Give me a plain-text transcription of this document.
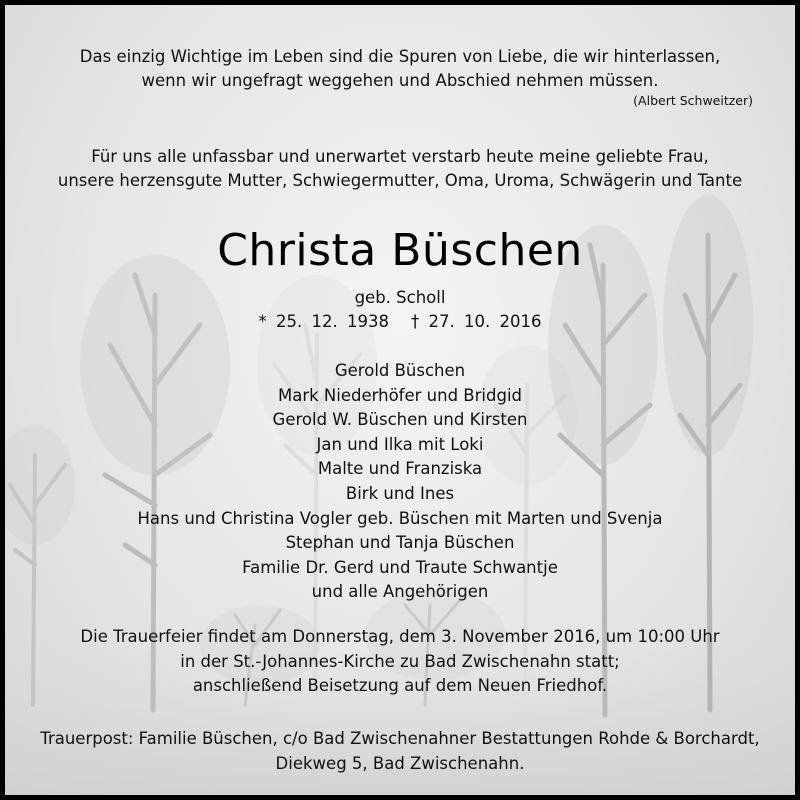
Das einzig Wichtige im Leben sind die Spuren von Liebe, die wir hinterlassen,
wenn wir ungefragt weggehen und Abschied nehmen müssen.
(Albert Schweitzer)
Für uns alle unfassbar und unerwartet verstarb heute meine geliebte Frau,
unsere herzensgute Mutter, Schwiegermutter, Oma, Uroma, Schwägerin und Tante
Christa Büschen
geb. Scholl
* 25. 12. 1938 † 27. 10. 2016
Gerold Büschen
Mark Niederhöfer und Bridgid
Gerold W. Büschen und Kirsten
Jan und Ilka mit Loki
Malte und Franziska
Birk und Ines
Hans und Christina Vogler geb. Büschen mit Marten und Svenja
Stephan und Tanja Büschen
Familie Dr. Gerd und Traute Schwantje
und alle Angehörigen
Die Trauerfeier findet am Donnerstag, dem 3. November 2016, um 10:00 Uhr
in der St.-Johannes-Kirche zu Bad Zwischenahn statt;
anschließend Beisetzung auf dem Neuen Friedhof.
Trauerpost: Familie Büschen, c/o Bad Zwischenahner Bestattungen Rohde & Borchardt,
Diekweg 5, Bad Zwischenahn.
